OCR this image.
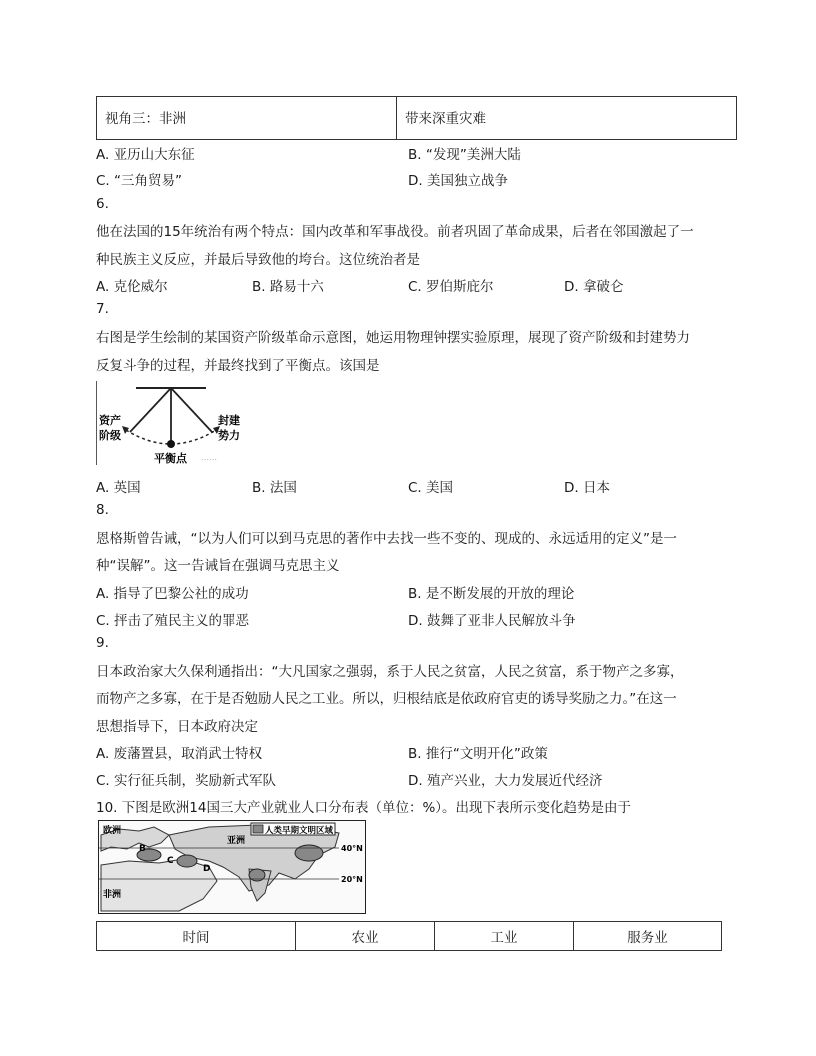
视角三：非洲	带来深重灾难
A. 亚历山大东征	B. “发现”美洲大陆
C. “三角贸易”	D. 美国独立战争
6.
他在法国的15年统治有两个特点：国内改革和军事战役。前者巩固了革命成果，后者在邻国激起了一
种民族主义反应，并最后导致他的垮台。这位统治者是
A. 克伦威尔	B. 路易十六	C. 罗伯斯庇尔	D. 拿破仑
7.
右图是学生绘制的某国资产阶级革命示意图，她运用物理钟摆实验原理，展现了资产阶级和封建势力
反复斗争的过程，并最终找到了平衡点。该国是
资产
阶级
封建
势力
平衡点 ⋯⋯
A. 英国	B. 法国	C. 美国	D. 日本
8.
恩格斯曾告诫，“以为人们可以到马克思的著作中去找一些不变的、现成的、永远适用的定义”是一
种“误解”。这一告诫旨在强调马克思主义
A. 指导了巴黎公社的成功	B. 是不断发展的开放的理论
C. 抨击了殖民主义的罪恶	D. 鼓舞了亚非人民解放斗争
9.
日本政治家大久保利通指出：“大凡国家之强弱，系于人民之贫富，人民之贫富，系于物产之多寡，
而物产之多寡，在于是否勉励人民之工业。所以，归根结底是依政府官吏的诱导奖励之力。”在这一
思想指导下，日本政府决定
A. 废藩置县，取消武士特权	B. 推行“文明开化”政策
C. 实行征兵制，奖励新式军队	D. 殖产兴业，大力发展近代经济
10. 下图是欧洲14国三大产业就业人口分布表（单位：%）。出现下表所示变化趋势是由于
人类早期文明区域
欧洲
亚洲
非洲
40°N
20°N
B
C
D
时间	农业	工业	服务业
